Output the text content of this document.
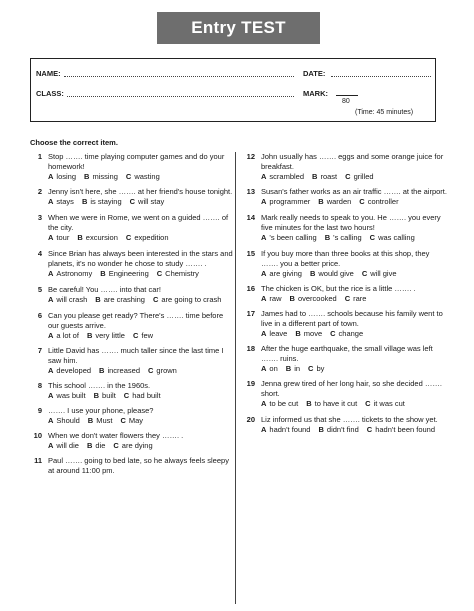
Entry TEST
NAME:	DATE:
CLASS:	MARK:
80
(Time: 45 minutes)
Choose the correct item.
1 Stop ……. time playing computer games and do your homework!
A losing B missing C wasting
2 Jenny isn't here, she ……. at her friend's house tonight.
A stays B is staying C will stay
3 When we were in Rome, we went on a guided ……. of the city.
A tour B excursion C expedition
4 Since Brian has always been interested in the stars and planets, it's no wonder he chose to study ……. .
A Astronomy B Engineering C Chemistry
5 Be careful! You ……. into that car!
A will crash B are crashing C are going to crash
6 Can you please get ready? There's ……. time before our guests arrive.
A a lot of B very little C few
7 Little David has ……. much taller since the last time I saw him.
A developed B increased C grown
8 This school ……. in the 1960s.
A was built B built C had built
9 ……. I use your phone, please?
A Should B Must C May
10 When we don't water flowers they ……. .
A will die B die C are dying
11 Paul ……. going to bed late, so he always feels sleepy at around 11:00 pm.
12 John usually has ……. eggs and some orange juice for breakfast.
A scrambled B roast C grilled
13 Susan's father works as an air traffic ……. at the airport.
A programmer B warden C controller
14 Mark really needs to speak to you. He ……. you every five minutes for the last two hours!
A 's been calling B 's calling C was calling
15 If you buy more than three books at this shop, they ……. you a better price.
A are giving B would give C will give
16 The chicken is OK, but the rice is a little ……. .
A raw B overcooked C rare
17 James had to ……. schools because his family went to live in a different part of town.
A leave B move C change
18 After the huge earthquake, the small village was left ……. ruins.
A on B in C by
19 Jenna grew tired of her long hair, so she decided ……. short.
A to be cut B to have it cut C it was cut
20 Liz informed us that she ……. tickets to the show yet.
A hadn't found B didn't find C hadn't been found
